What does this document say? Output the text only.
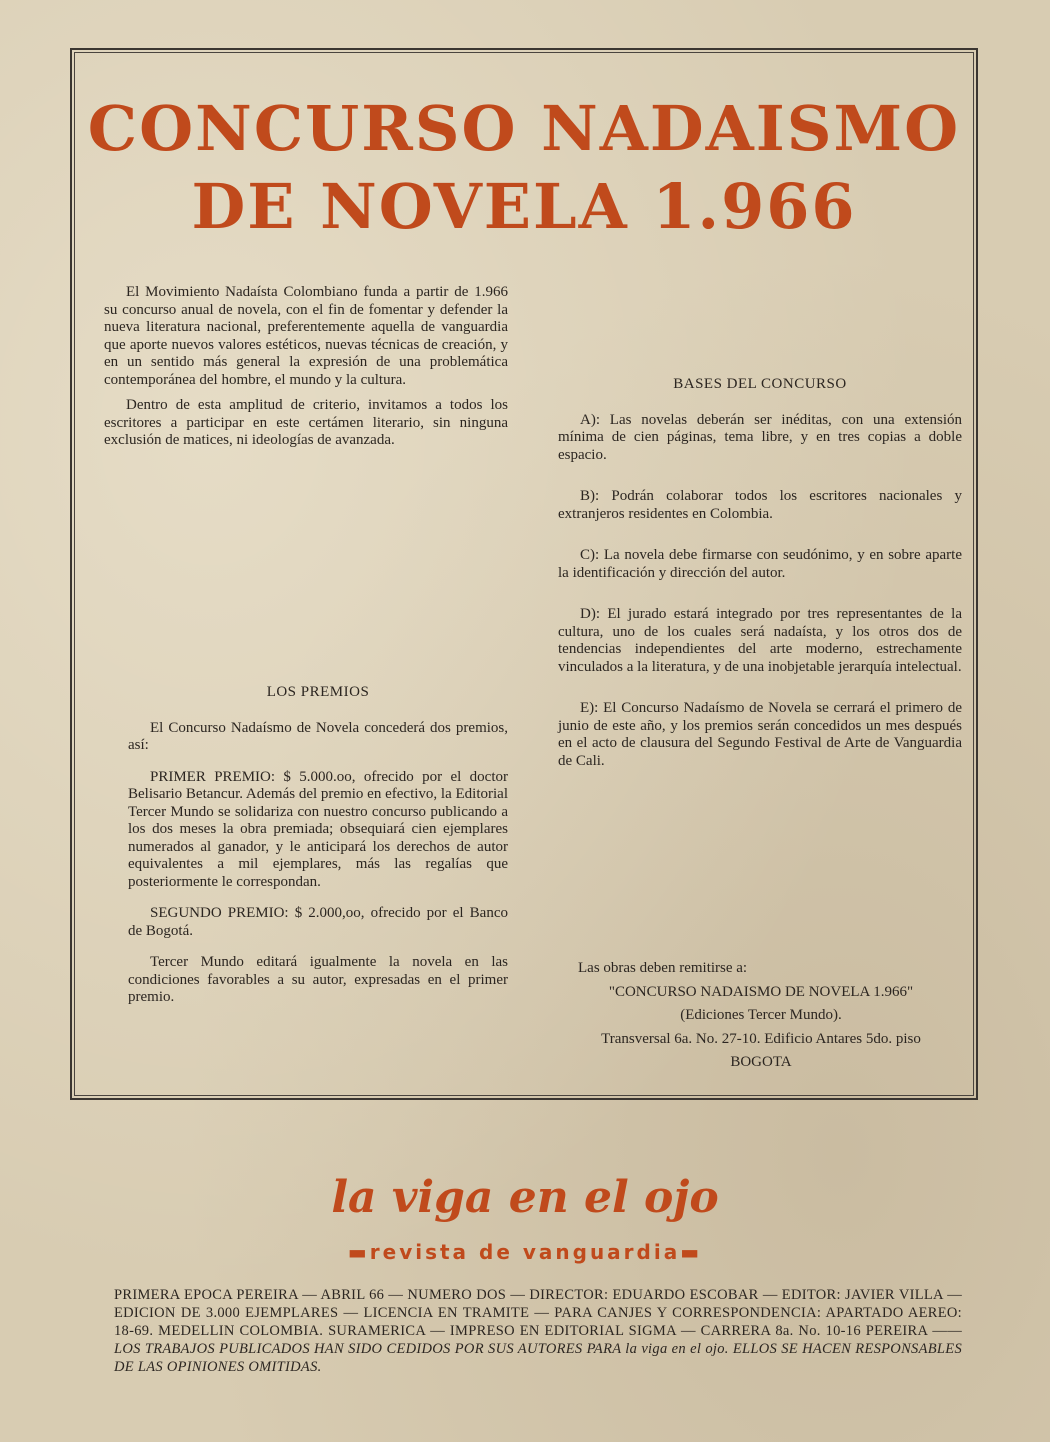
CONCURSO NADAISMO
DE NOVELA 1.966

El Movimiento Nadaísta Colombiano funda a partir de 1.966 su concurso anual de novela, con el fin de fomentar y defender la nueva literatura nacional, preferentemente aquella de vanguardia que aporte nuevos valores estéticos, nuevas técnicas de creación, y en un sentido más general la expresión de una problemática contemporánea del hombre, el mundo y la cultura.

Dentro de esta amplitud de criterio, invitamos a todos los escritores a participar en este certámen literario, sin ninguna exclusión de matices, ni ideologías de avanzada.

LOS PREMIOS

El Concurso Nadaísmo de Novela concederá dos premios, así:

PRIMER PREMIO: $ 5.000.oo, ofrecido por el doctor Belisario Betancur. Además del premio en efectivo, la Editorial Tercer Mundo se solidariza con nuestro concurso publicando a los dos meses la obra premiada; obsequiará cien ejemplares numerados al ganador, y le anticipará los derechos de autor equivalentes a mil ejemplares, más las regalías que posteriormente le correspondan.

SEGUNDO PREMIO: $ 2.000,oo, ofrecido por el Banco de Bogotá.

Tercer Mundo editará igualmente la novela en las condiciones favorables a su autor, expresadas en el primer premio.

BASES DEL CONCURSO

A): Las novelas deberán ser inéditas, con una extensión mínima de cien páginas, tema libre, y en tres copias a doble espacio.

B): Podrán colaborar todos los escritores nacionales y extranjeros residentes en Colombia.

C): La novela debe firmarse con seudónimo, y en sobre aparte la identificación y dirección del autor.

D): El jurado estará integrado por tres representantes de la cultura, uno de los cuales será nadaísta, y los otros dos de tendencias independientes del arte moderno, estrechamente vinculados a la literatura, y de una inobjetable jerarquía intelectual.

E): El Concurso Nadaísmo de Novela se cerrará el primero de junio de este año, y los premios serán concedidos un mes después en el acto de clausura del Segundo Festival de Arte de Vanguardia de Cali.

Las obras deben remitirse a:

"CONCURSO NADAISMO DE NOVELA 1.966"

(Ediciones Tercer Mundo).

Transversal 6a. No. 27-10. Edificio Antares 5do. piso

BOGOTA

la viga en el ojo

▬revista de vanguardia▬

PRIMERA EPOCA PEREIRA — ABRIL 66 — NUMERO DOS — DIRECTOR: EDUARDO ESCOBAR — EDITOR: JAVIER VILLA — EDICION DE 3.000 EJEMPLARES — LICENCIA EN TRAMITE — PARA CANJES Y CORRESPONDENCIA: APARTADO AEREO: 18-69. MEDELLIN COLOMBIA. SURAMERICA — IMPRESO EN EDITORIAL SIGMA — CARRERA 8a. No. 10-16 PEREIRA —— LOS TRABAJOS PUBLICADOS HAN SIDO CEDIDOS POR SUS AUTORES PARA la viga en el ojo. ELLOS SE HACEN RESPONSABLES DE LAS OPINIONES OMITIDAS.
